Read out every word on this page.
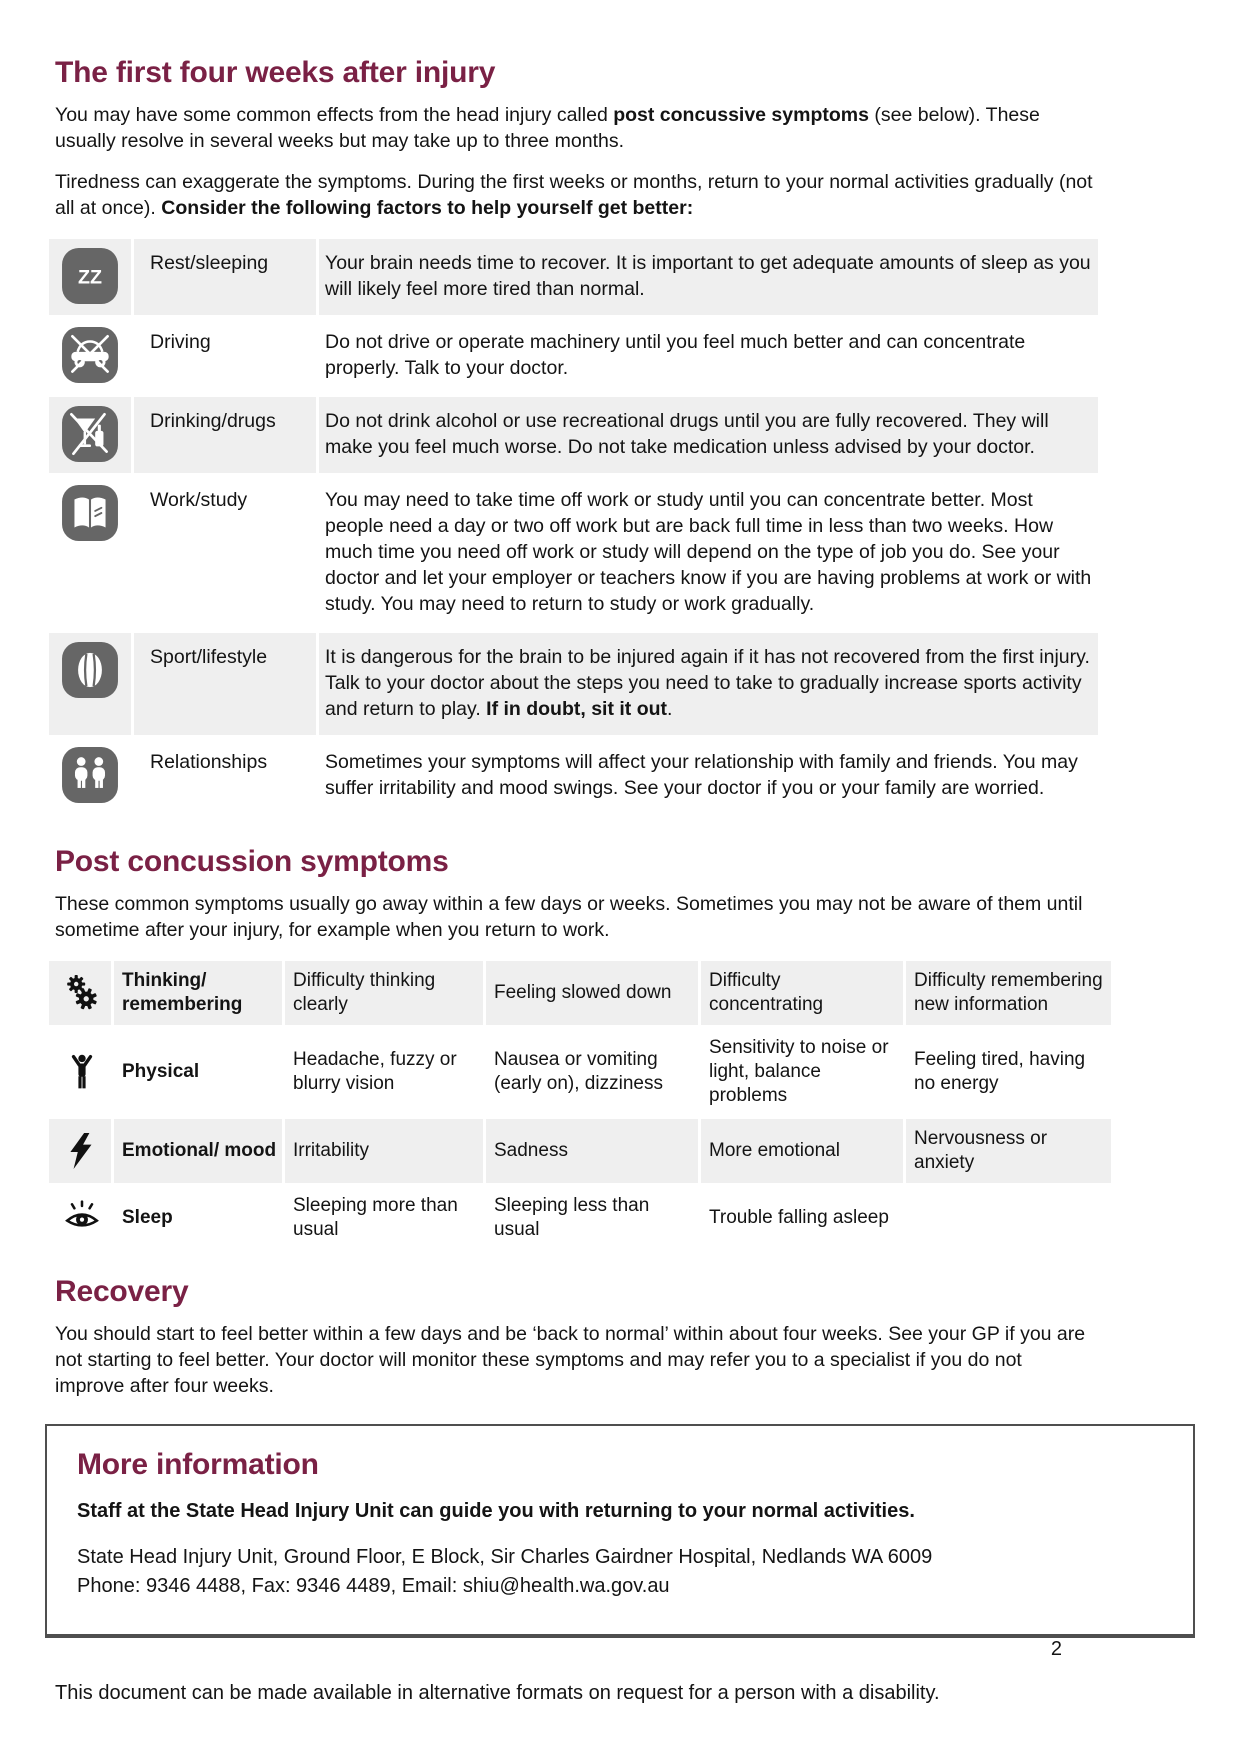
The first four weeks after injury

You may have some common effects from the head injury called post concussive symptoms (see below). These usually resolve in several weeks but may take up to three months.

Tiredness can exaggerate the symptoms. During the first weeks or months, return to your normal activities gradually (not all at once). Consider the following factors to help yourself get better:

ZZ	Rest/sleeping	Your brain needs time to recover. It is important to get adequate amounts of sleep as you will likely feel more tired than normal.

	Driving	Do not drive or operate machinery until you feel much better and can concentrate properly. Talk to your doctor.

	Drinking/drugs	Do not drink alcohol or use recreational drugs until you are fully recovered. They will make you feel much worse. Do not take medication unless advised by your doctor.

	Work/study	You may need to take time off work or study until you can concentrate better. Most people need a day or two off work but are back full time in less than two weeks. How much time you need off work or study will depend on the type of job you do. See your doctor and let your employer or teachers know if you are having problems at work or with study. You may need to return to study or work gradually.

	Sport/lifestyle	It is dangerous for the brain to be injured again if it has not recovered from the first injury. Talk to your doctor about the steps you need to take to gradually increase sports activity and return to play. If in doubt, sit it out.

	Relationships	Sometimes your symptoms will affect your relationship with family and friends. You may suffer irritability and mood swings. See your doctor if you or your family are worried.
Post concussion symptoms

These common symptoms usually go away within a few days or weeks. Sometimes you may not be aware of them until sometime after your injury, for example when you return to work.

	Thinking/ remembering	Difficulty thinking clearly	Feeling slowed down	Difficulty concentrating	Difficulty remembering new information

	Physical	Headache, fuzzy or blurry vision	Nausea or vomiting (early on), dizziness	Sensitivity to noise or light, balance problems	Feeling tired, having no energy

	Emotional/ mood	Irritability	Sadness	More emotional	Nervousness or anxiety

	Sleep	Sleeping more than usual	Sleeping less than usual	Trouble falling asleep	
Recovery

You should start to feel better within a few days and be ‘back to normal’ within about four weeks. See your GP if you are not starting to feel better. Your doctor will monitor these symptoms and may refer you to a specialist if you do not improve after four weeks.

More information

Staff at the State Head Injury Unit can guide you with returning to your normal activities.

State Head Injury Unit, Ground Floor, E Block, Sir Charles Gairdner Hospital, Nedlands WA 6009

Phone: 9346 4488, Fax: 9346 4489, Email: shiu@health.wa.gov.au

2
This document can be made available in alternative formats on request for a person with a disability.
